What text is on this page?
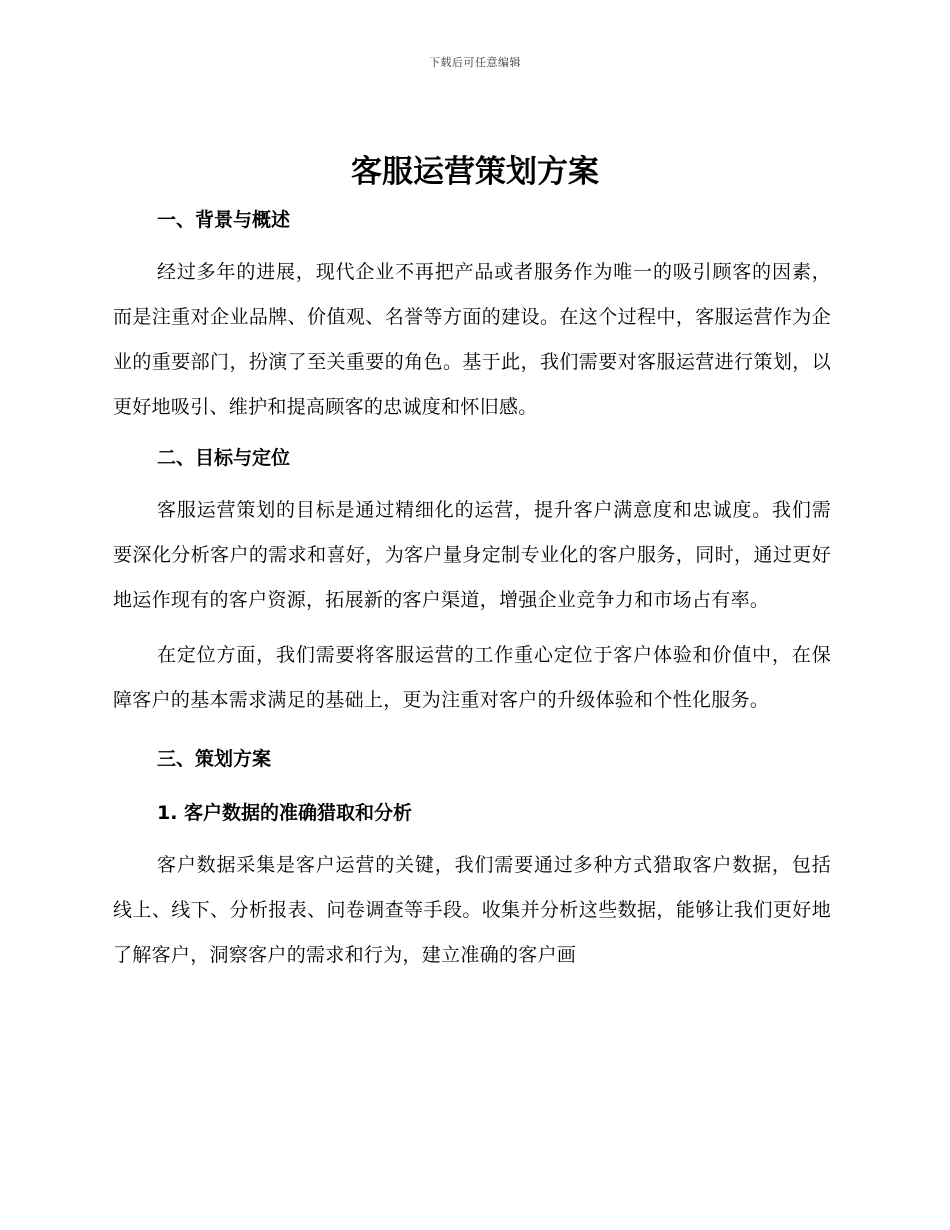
下载后可任意编辑
客服运营策划方案
一、背景与概述

经过多年的进展，现代企业不再把产品或者服务作为唯一的吸引顾客的因素，而是注重对企业品牌、价值观、名誉等方面的建设。在这个过程中，客服运营作为企业的重要部门，扮演了至关重要的角色。基于此，我们需要对客服运营进行策划，以更好地吸引、维护和提高顾客的忠诚度和怀旧感。

二、目标与定位

客服运营策划的目标是通过精细化的运营，提升客户满意度和忠诚度。我们需要深化分析客户的需求和喜好，为客户量身定制专业化的客户服务，同时，通过更好地运作现有的客户资源，拓展新的客户渠道，增强企业竞争力和市场占有率。

在定位方面，我们需要将客服运营的工作重心定位于客户体验和价值中，在保障客户的基本需求满足的基础上，更为注重对客户的升级体验和个性化服务。

三、策划方案
1. 客户数据的准确猎取和分析

客户数据采集是客户运营的关键，我们需要通过多种方式猎取客户数据，包括线上、线下、分析报表、问卷调查等手段。收集并分析这些数据，能够让我们更好地了解客户，洞察客户的需求和行为，建立准确的客户画
